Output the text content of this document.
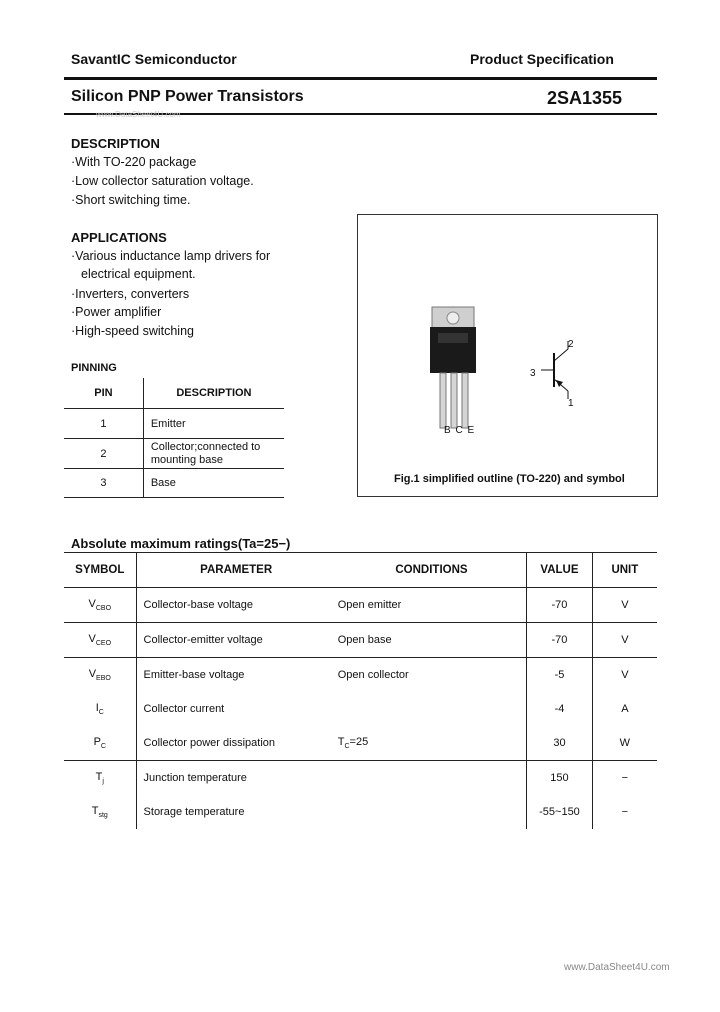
SavantIC Semiconductor	Product Specification
Silicon PNP Power Transistors	2SA1355
www.DataSheet4U.com
DESCRIPTION
·With TO-220 package
·Low collector saturation voltage.
·Short switching time.
APPLICATIONS
·Various inductance lamp drivers for
electrical equipment.
·Inverters, converters
·Power amplifier
·High-speed switching
PINNING
PIN	DESCRIPTION
1	Emitter
2	Collector;connected to mounting base
3	Base
B C E
2
3
1
Fig.1 simplified outline (TO-220) and symbol
Absolute maximum ratings(Ta=25−)
SYMBOL	PARAMETER	CONDITIONS	VALUE	UNIT
$V_{CBO}$	Collector-base voltage	Open emitter	-70	V
$V_{CEO}$	Collector-emitter voltage	Open base	-70	V
$V_{EBO}$	Emitter-base voltage	Open collector	-5	V
$I_C$	Collector current		-4	A
$P_C$	Collector power dissipation	$T_C=25$	30	W
$T_j$	Junction temperature		150	−
$T_{stg}$	Storage temperature		-55~150	−
www.DataSheet4U.com
